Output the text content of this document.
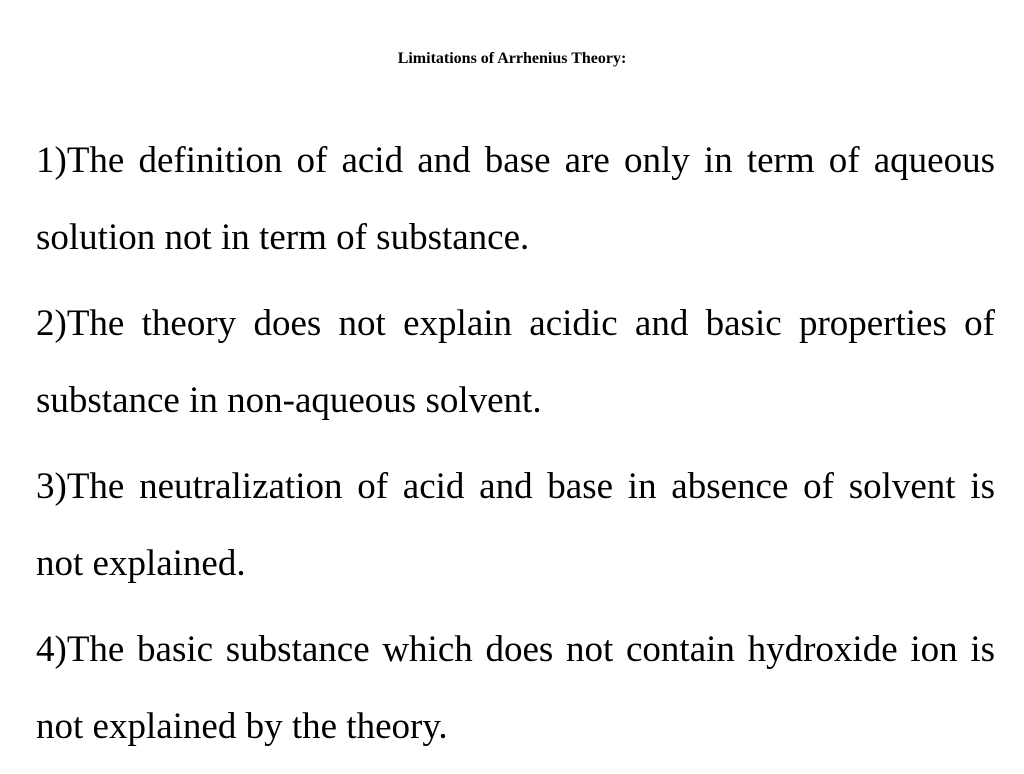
Limitations of Arrhenius Theory:
1)The definition of acid and base are only in term of aqueous solution not in term of substance.
2)The theory does not explain acidic and basic properties of substance in non-aqueous solvent.
3)The neutralization of acid and base in absence of solvent is not explained.
4)The basic substance which does not contain hydroxide ion is not explained by the theory.
